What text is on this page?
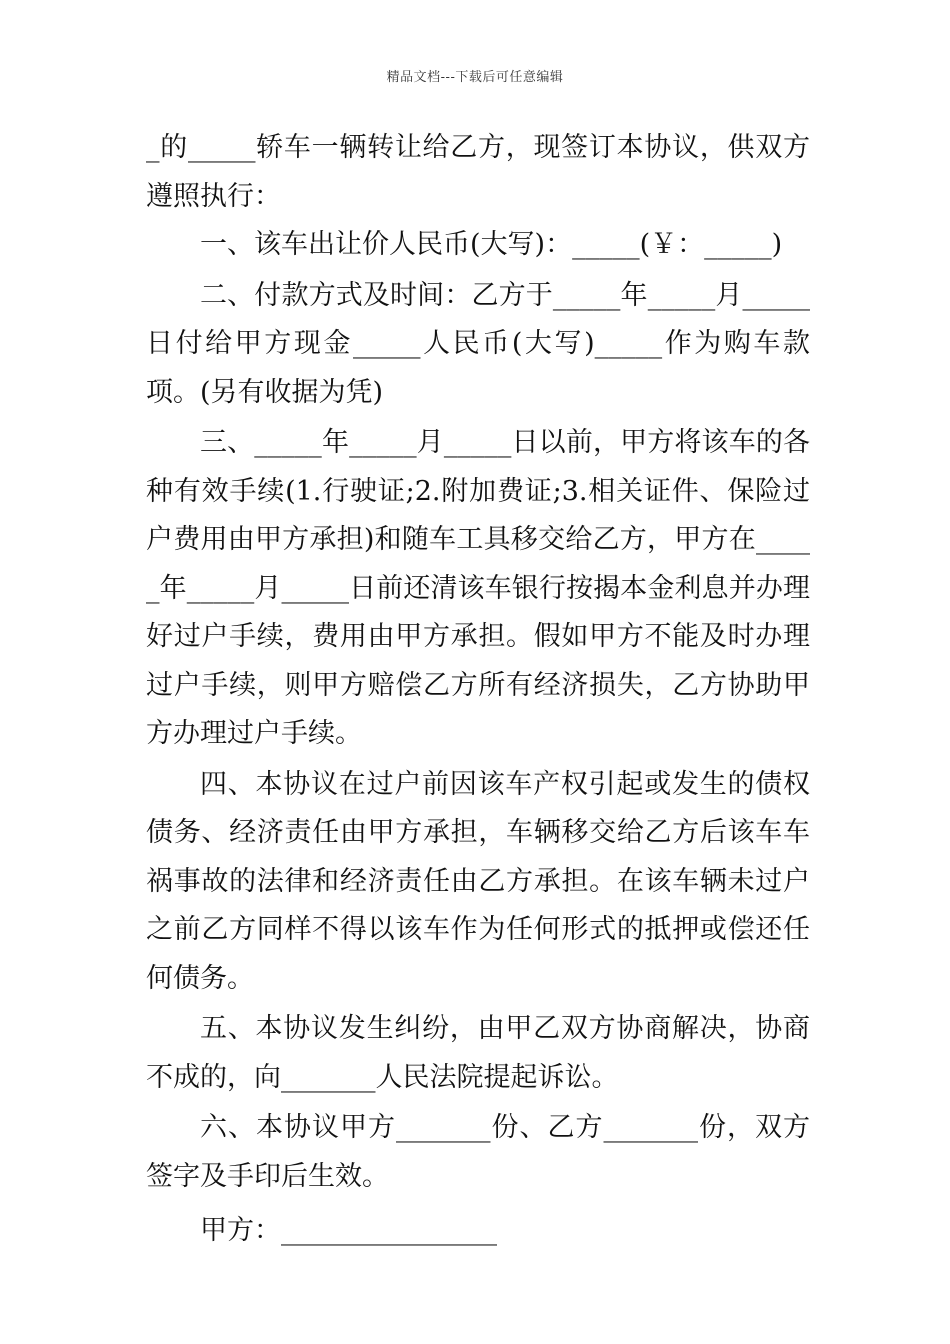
精品文档---下载后可任意编辑

_的_____轿车一辆转让给乙方，现签订本协议，供双方遵照执行：

一、该车出让价人民币(大写)：_____(￥：_____)

二、付款方式及时间：乙方于_____年_____月_____日付给甲方现金_____人民币(大写)_____作为购车款项。(另有收据为凭)

三、_____年_____月_____日以前，甲方将该车的各种有效手续(1.行驶证;2.附加费证;3.相关证件、保险过户费用由甲方承担)和随车工具移交给乙方，甲方在_____年_____月_____日前还清该车银行按揭本金利息并办理好过户手续，费用由甲方承担。假如甲方不能及时办理过户手续，则甲方赔偿乙方所有经济损失，乙方协助甲方办理过户手续。

四、本协议在过户前因该车产权引起或发生的债权债务、经济责任由甲方承担，车辆移交给乙方后该车车祸事故的法律和经济责任由乙方承担。在该车辆未过户之前乙方同样不得以该车作为任何形式的抵押或偿还任何债务。

五、本协议发生纠纷，由甲乙双方协商解决，协商不成的，向_______人民法院提起诉讼。

六、本协议甲方_______份、乙方_______份，双方签字及手印后生效。

甲方：________________
